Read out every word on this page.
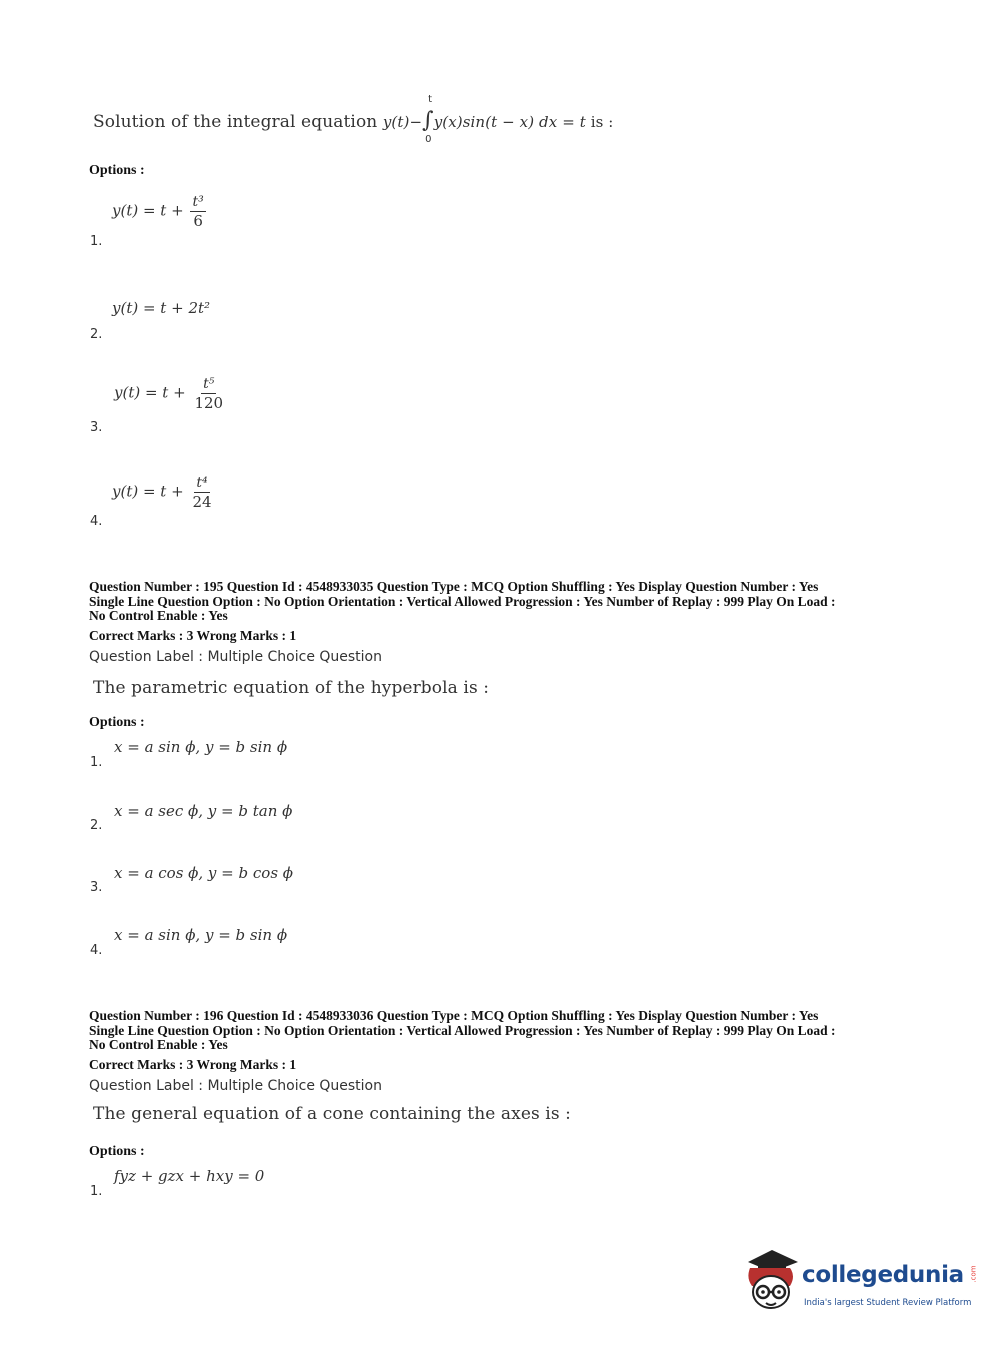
Solution of the integral equation y(t)−∫
t
0
y(x)sin(t − x) dx = t is :
Options :
$y(t) = t + \frac{\text{t³}}{6}$
1.
y(t) = t + 2t²
2.
$y(t) = t + \frac{\text{t⁵}}{120}$
3.
$y(t) = t + \frac{\text{t⁴}}{24}$
4.
Question Number : 195 Question Id : 4548933035 Question Type : MCQ Option Shuffling : Yes Display Question Number : Yes
Single Line Question Option : No Option Orientation : Vertical Allowed Progression : Yes Number of Replay : 999 Play On Load :
No Control Enable : Yes
Correct Marks : 3 Wrong Marks : 1
Question Label : Multiple Choice Question
The parametric equation of the hyperbola is :
Options :
x = a sin ϕ, y = b sin ϕ
1.
x = a sec ϕ, y = b tan ϕ
2.
x = a cos ϕ, y = b cos ϕ
3.
x = a sin ϕ, y = b sin ϕ
4.
Question Number : 196 Question Id : 4548933036 Question Type : MCQ Option Shuffling : Yes Display Question Number : Yes
Single Line Question Option : No Option Orientation : Vertical Allowed Progression : Yes Number of Replay : 999 Play On Load :
No Control Enable : Yes
Correct Marks : 3 Wrong Marks : 1
Question Label : Multiple Choice Question
The general equation of a cone containing the axes is :
Options :
fyz + gzx + hxy = 0
1.
collegedunia .com
India's largest Student Review Platform
